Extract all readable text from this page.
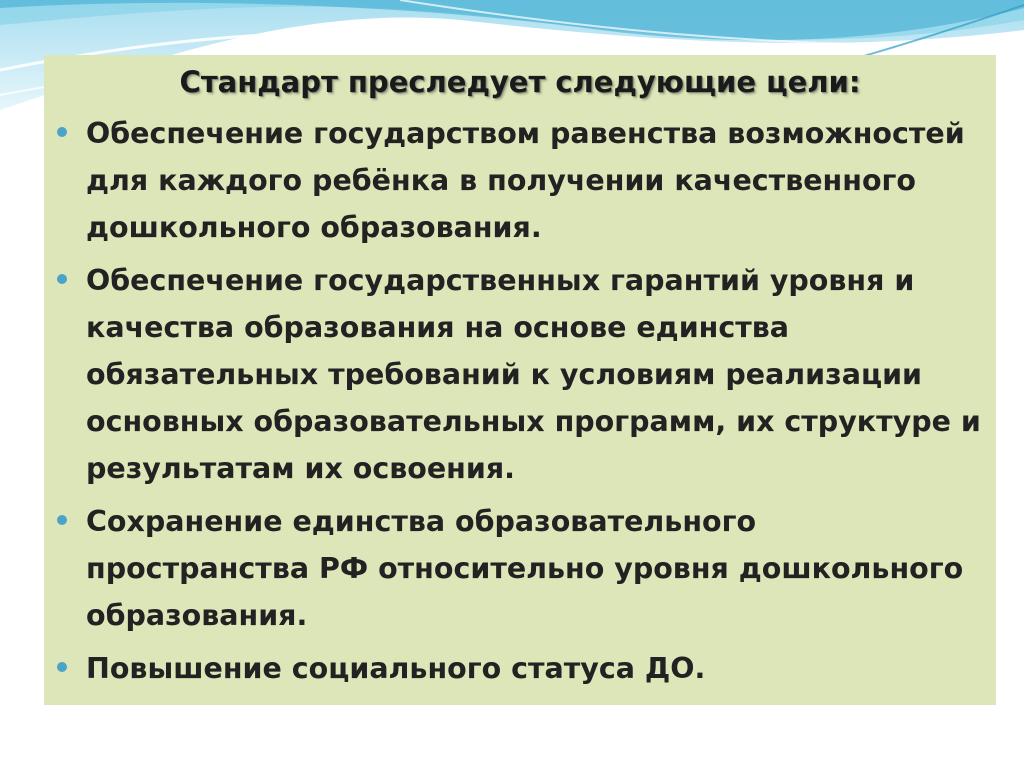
Стандарт преследует следующие цели:
Обеспечение государством равенства возможностей для каждого ребёнка в получении качественного дошкольного образования.
Обеспечение государственных гарантий уровня и качества образования на основе единства обязательных требований к условиям реализации основных образовательных программ, их структуре и результатам их освоения.
Сохранение единства образовательного пространства РФ относительно уровня дошкольного образования.
Повышение социального статуса ДО.
